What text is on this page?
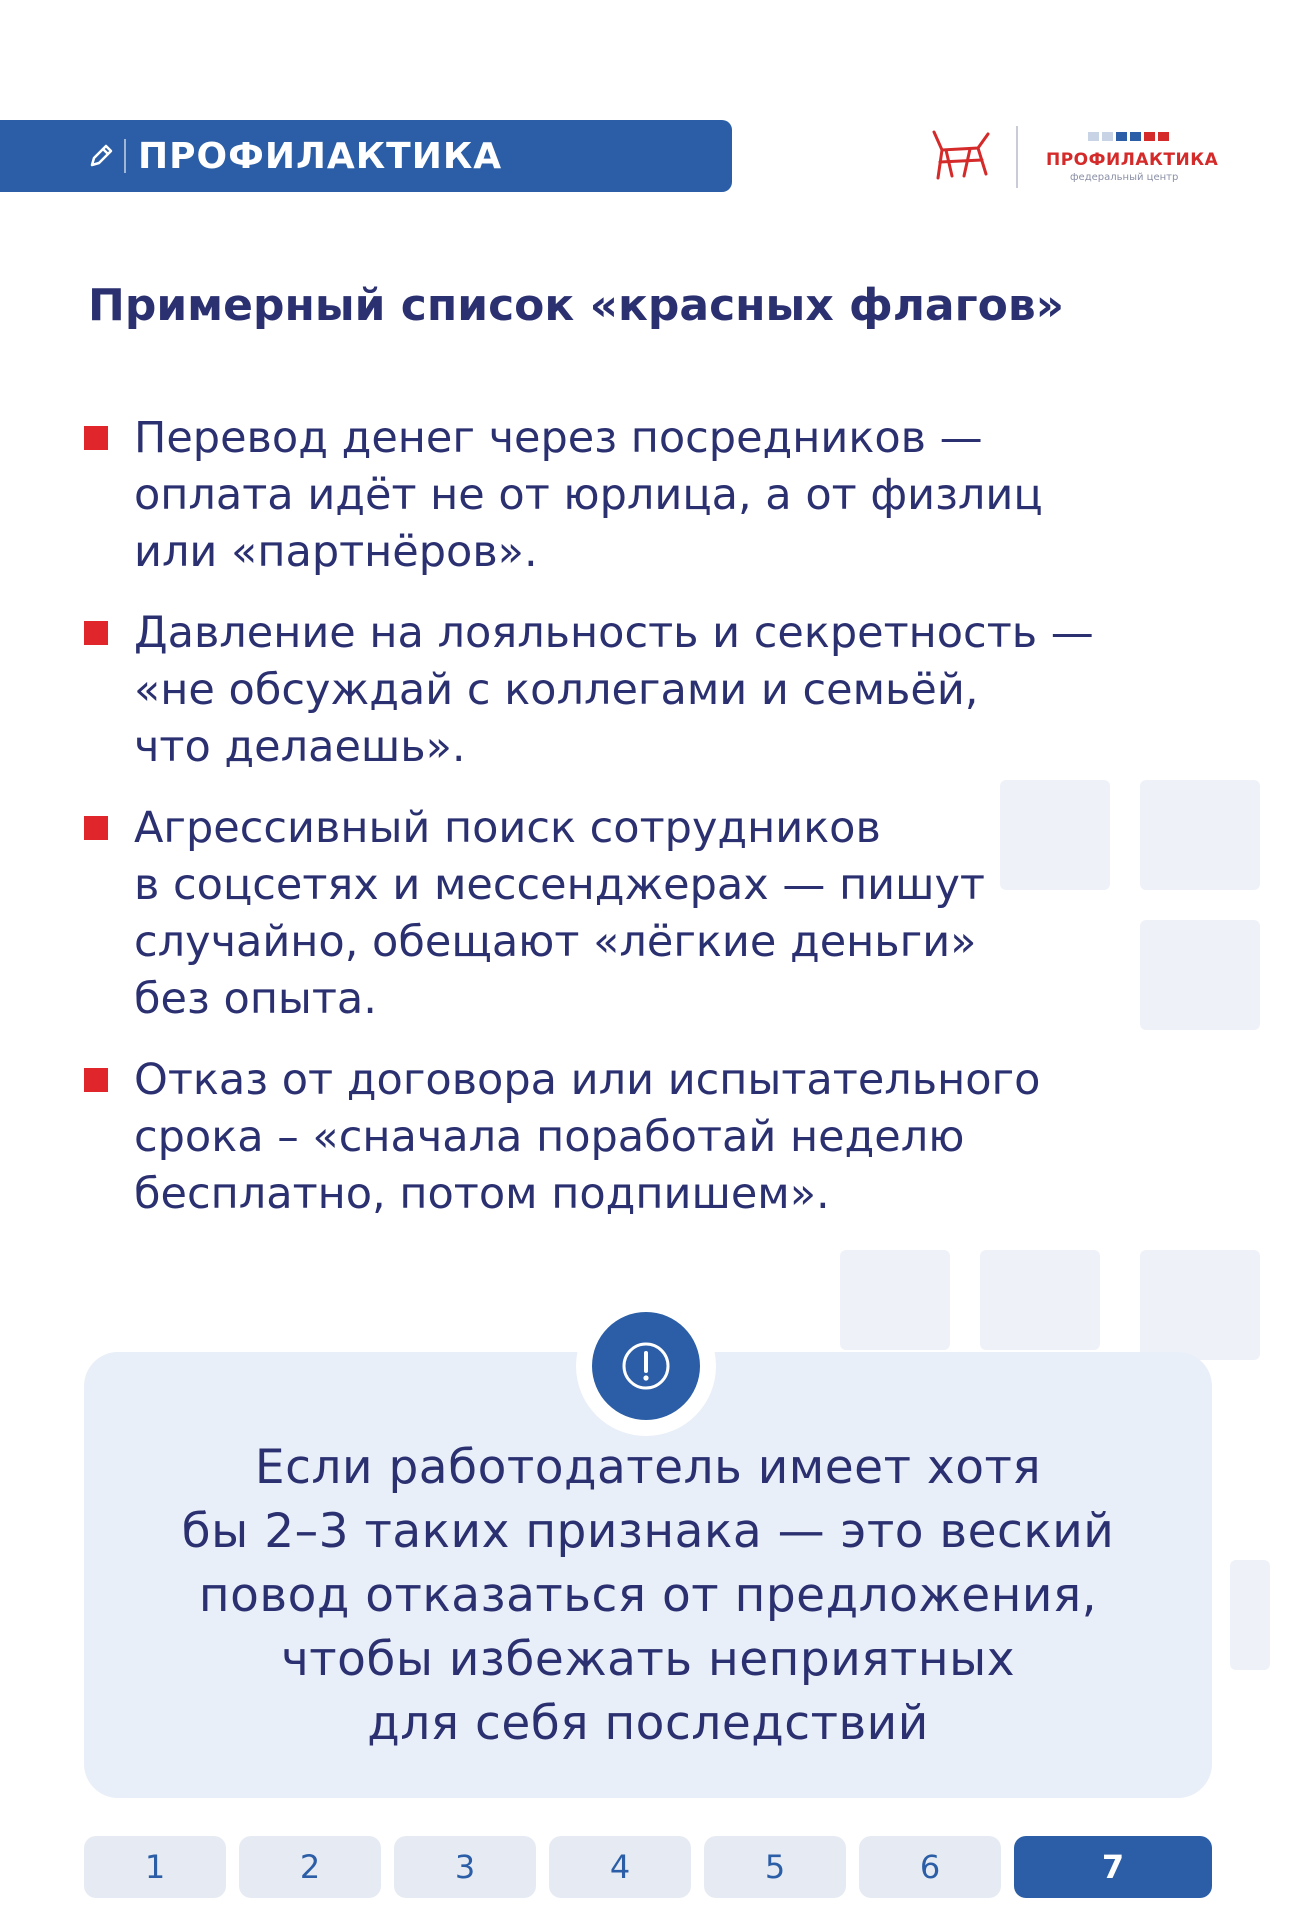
ПРОФИЛАКТИКА	ПРОФИЛАКТИКА
федеральный центр
Примерный список «красных флагов»
Перевод денег через посредников —
оплата идёт не от юрлица, а от физлиц
или «партнёров».
Давление на лояльность и секретность —
«не обсуждай с коллегами и семьёй,
что делаешь».
Агрессивный поиск сотрудников
в соцсетях и мессенджерах — пишут
случайно, обещают «лёгкие деньги»
без опыта.
Отказ от договора или испытательного
срока – «сначала поработай неделю
бесплатно, потом подпишем».
Если работодатель имеет хотя
бы 2–3 таких признака — это веский
повод отказаться от предложения,
чтобы избежать неприятных
для себя последствий
1	2	3	4	5	6	7
